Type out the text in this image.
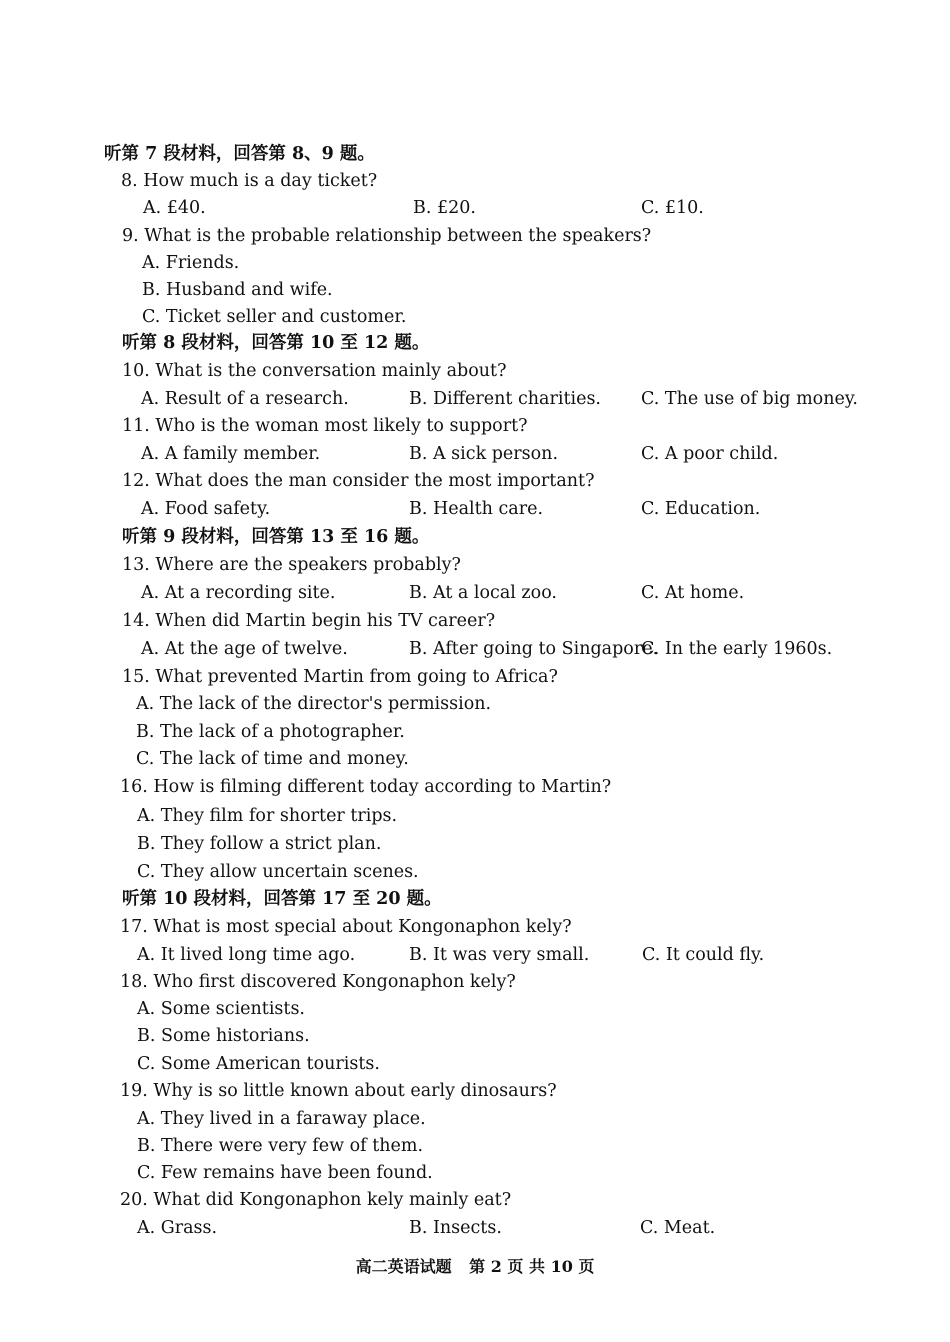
听第 7 段材料，回答第 8、9 题。
8. How much is a day ticket?
A. £40.	B. £20.	C. £10.
9. What is the probable relationship between the speakers?
A. Friends.
B. Husband and wife.
C. Ticket seller and customer.
听第 8 段材料，回答第 10 至 12 题。
10. What is the conversation mainly about?
A. Result of a research.	B. Different charities. C. The use of big money.
11. Who is the woman most likely to support?
A. A family member.	B. A sick person.	C. A poor child.
12. What does the man consider the most important?
A. Food safety.	B. Health care.	C. Education.
听第 9 段材料，回答第 13 至 16 题。
13. Where are the speakers probably?
A. At a recording site.	B. At a local zoo.	C. At home.
14. When did Martin begin his TV career?
A. At the age of twelve.	B. After going to Singapore.
C. In the early 1960s.
15. What prevented Martin from going to Africa?
A. The lack of the director's permission.
B. The lack of a photographer.
C. The lack of time and money.
16. How is filming different today according to Martin?
A. They film for shorter trips.
B. They follow a strict plan.
C. They allow uncertain scenes.
听第 10 段材料，回答第 17 至 20 题。
17. What is most special about Kongonaphon kely?
A. It lived long time ago.	B. It was very small.	C. It could fly.
18. Who first discovered Kongonaphon kely?
A. Some scientists.
B. Some historians.
C. Some American tourists.
19. Why is so little known about early dinosaurs?
A. They lived in a faraway place.
B. There were very few of them.
C. Few remains have been found.
20. What did Kongonaphon kely mainly eat?
A. Grass.	B. Insects.	C. Meat.
高二英语试题 第 2 页 共 10 页
